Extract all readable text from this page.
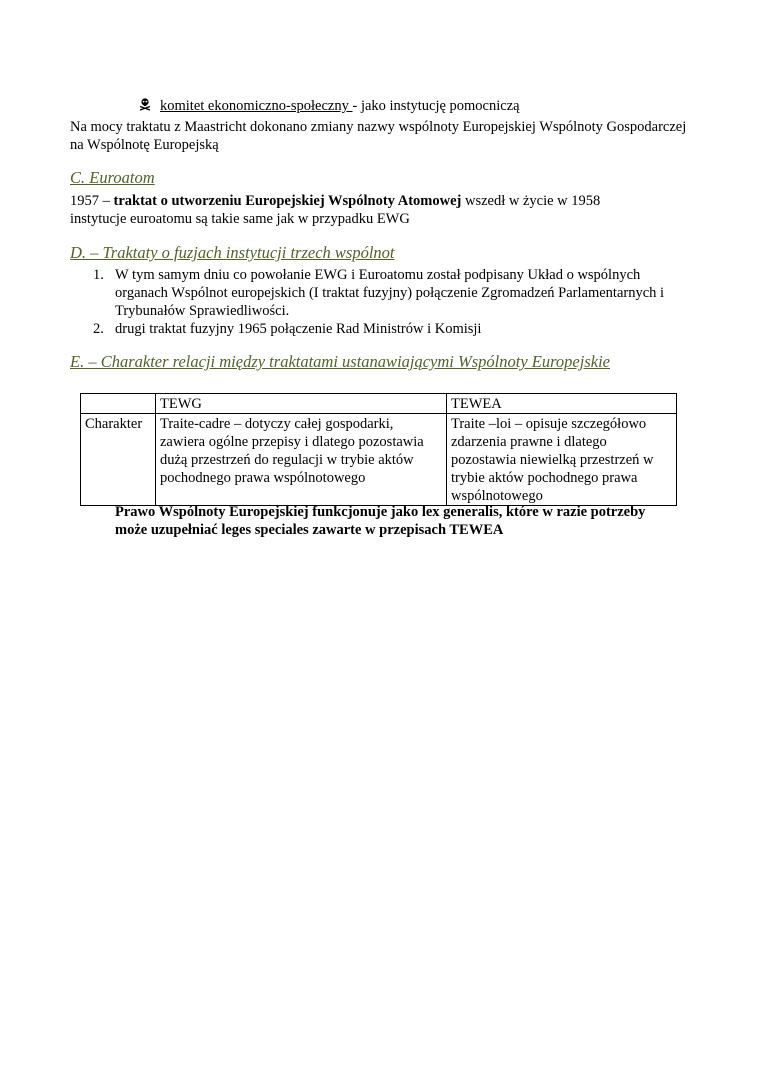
komitet ekonomiczno-społeczny - jako instytucję pomocniczą
Na mocy traktatu z Maastricht dokonano zmiany nazwy wspólnoty Europejskiej Wspólnoty Gospodarczej na Wspólnotę Europejską
C. Euroatom
1957 – traktat o utworzeniu Europejskiej Wspólnoty Atomowej wszedł w życie w 1958
instytucje euroatomu są takie same jak w przypadku EWG
D. – Traktaty o fuzjach instytucji trzech wspólnot
1. W tym samym dniu co powołanie EWG i Euroatomu został podpisany Układ o wspólnych organach Wspólnot europejskich (I traktat fuzyjny) połączenie Zgromadzeń Parlamentarnych i Trybunałów Sprawiedliwości.
2. drugi traktat fuzyjny 1965 połączenie Rad Ministrów i Komisji
E. – Charakter relacji między traktatami ustanawiającymi Wspólnoty Europejskie
	TEWG	TEWEA
Charakter	Traite-cadre – dotyczy całej gospodarki, zawiera ogólne przepisy i dlatego pozostawia dużą przestrzeń do regulacji w trybie aktów pochodnego prawa wspólnotowego	Traite –loi – opisuje szczegółowo zdarzenia prawne i dlatego pozostawia niewielką przestrzeń w trybie aktów pochodnego prawa wspólnotowego
Prawo Wspólnoty Europejskiej funkcjonuje jako lex generalis, które w razie potrzeby może uzupełniać leges speciales zawarte w przepisach TEWEA
